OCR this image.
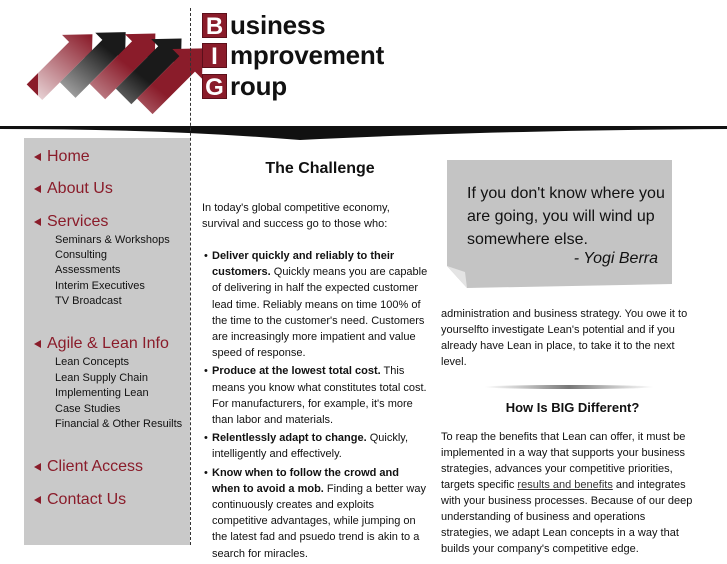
B usiness
I mprovement
G roup
Home
About Us
Services
Seminars & Workshops
Consulting
Assessments
Interim Executives
TV Broadcast
Agile & Lean Info
Lean Concepts
Lean Supply Chain
Implementing Lean
Case Studies
Financial & Other Resuilts
Client Access
Contact Us
The Challenge

In today's global competitive economy, survival and success go to those who:

• Deliver quickly and reliably to their customers. Quickly means you are capable of delivering in half the expected customer lead time. Reliably means on time 100% of the time to the customer's need. Customers are increasingly more impatient and value speed of response.
• Produce at the lowest total cost. This means you know what constitutes total cost. For manufacturers, for example, it's more than labor and materials.
• Relentlessly adapt to change. Quickly, intelligently and effectively.
• Know when to follow the crowd and when to avoid a mob. Finding a better way continuously creates and exploits competitive advantages, while jumping on the latest fad and psuedo trend is akin to a search for miracles.
If you don't know where you are going, you will wind up somewhere else.
- Yogi Berra

administration and business strategy. You owe it to yourselfto investigate Lean's potential and if you already have Lean in place, to take it to the next level.

How Is BIG Different?

To reap the benefits that Lean can offer, it must be implemented in a way that supports your business strategies, advances your competitive priorities, targets specific results and benefits and integrates with your business processes. Because of our deep understanding of business and operations strategies, we adapt Lean concepts in a way that builds your company's competitive edge.
